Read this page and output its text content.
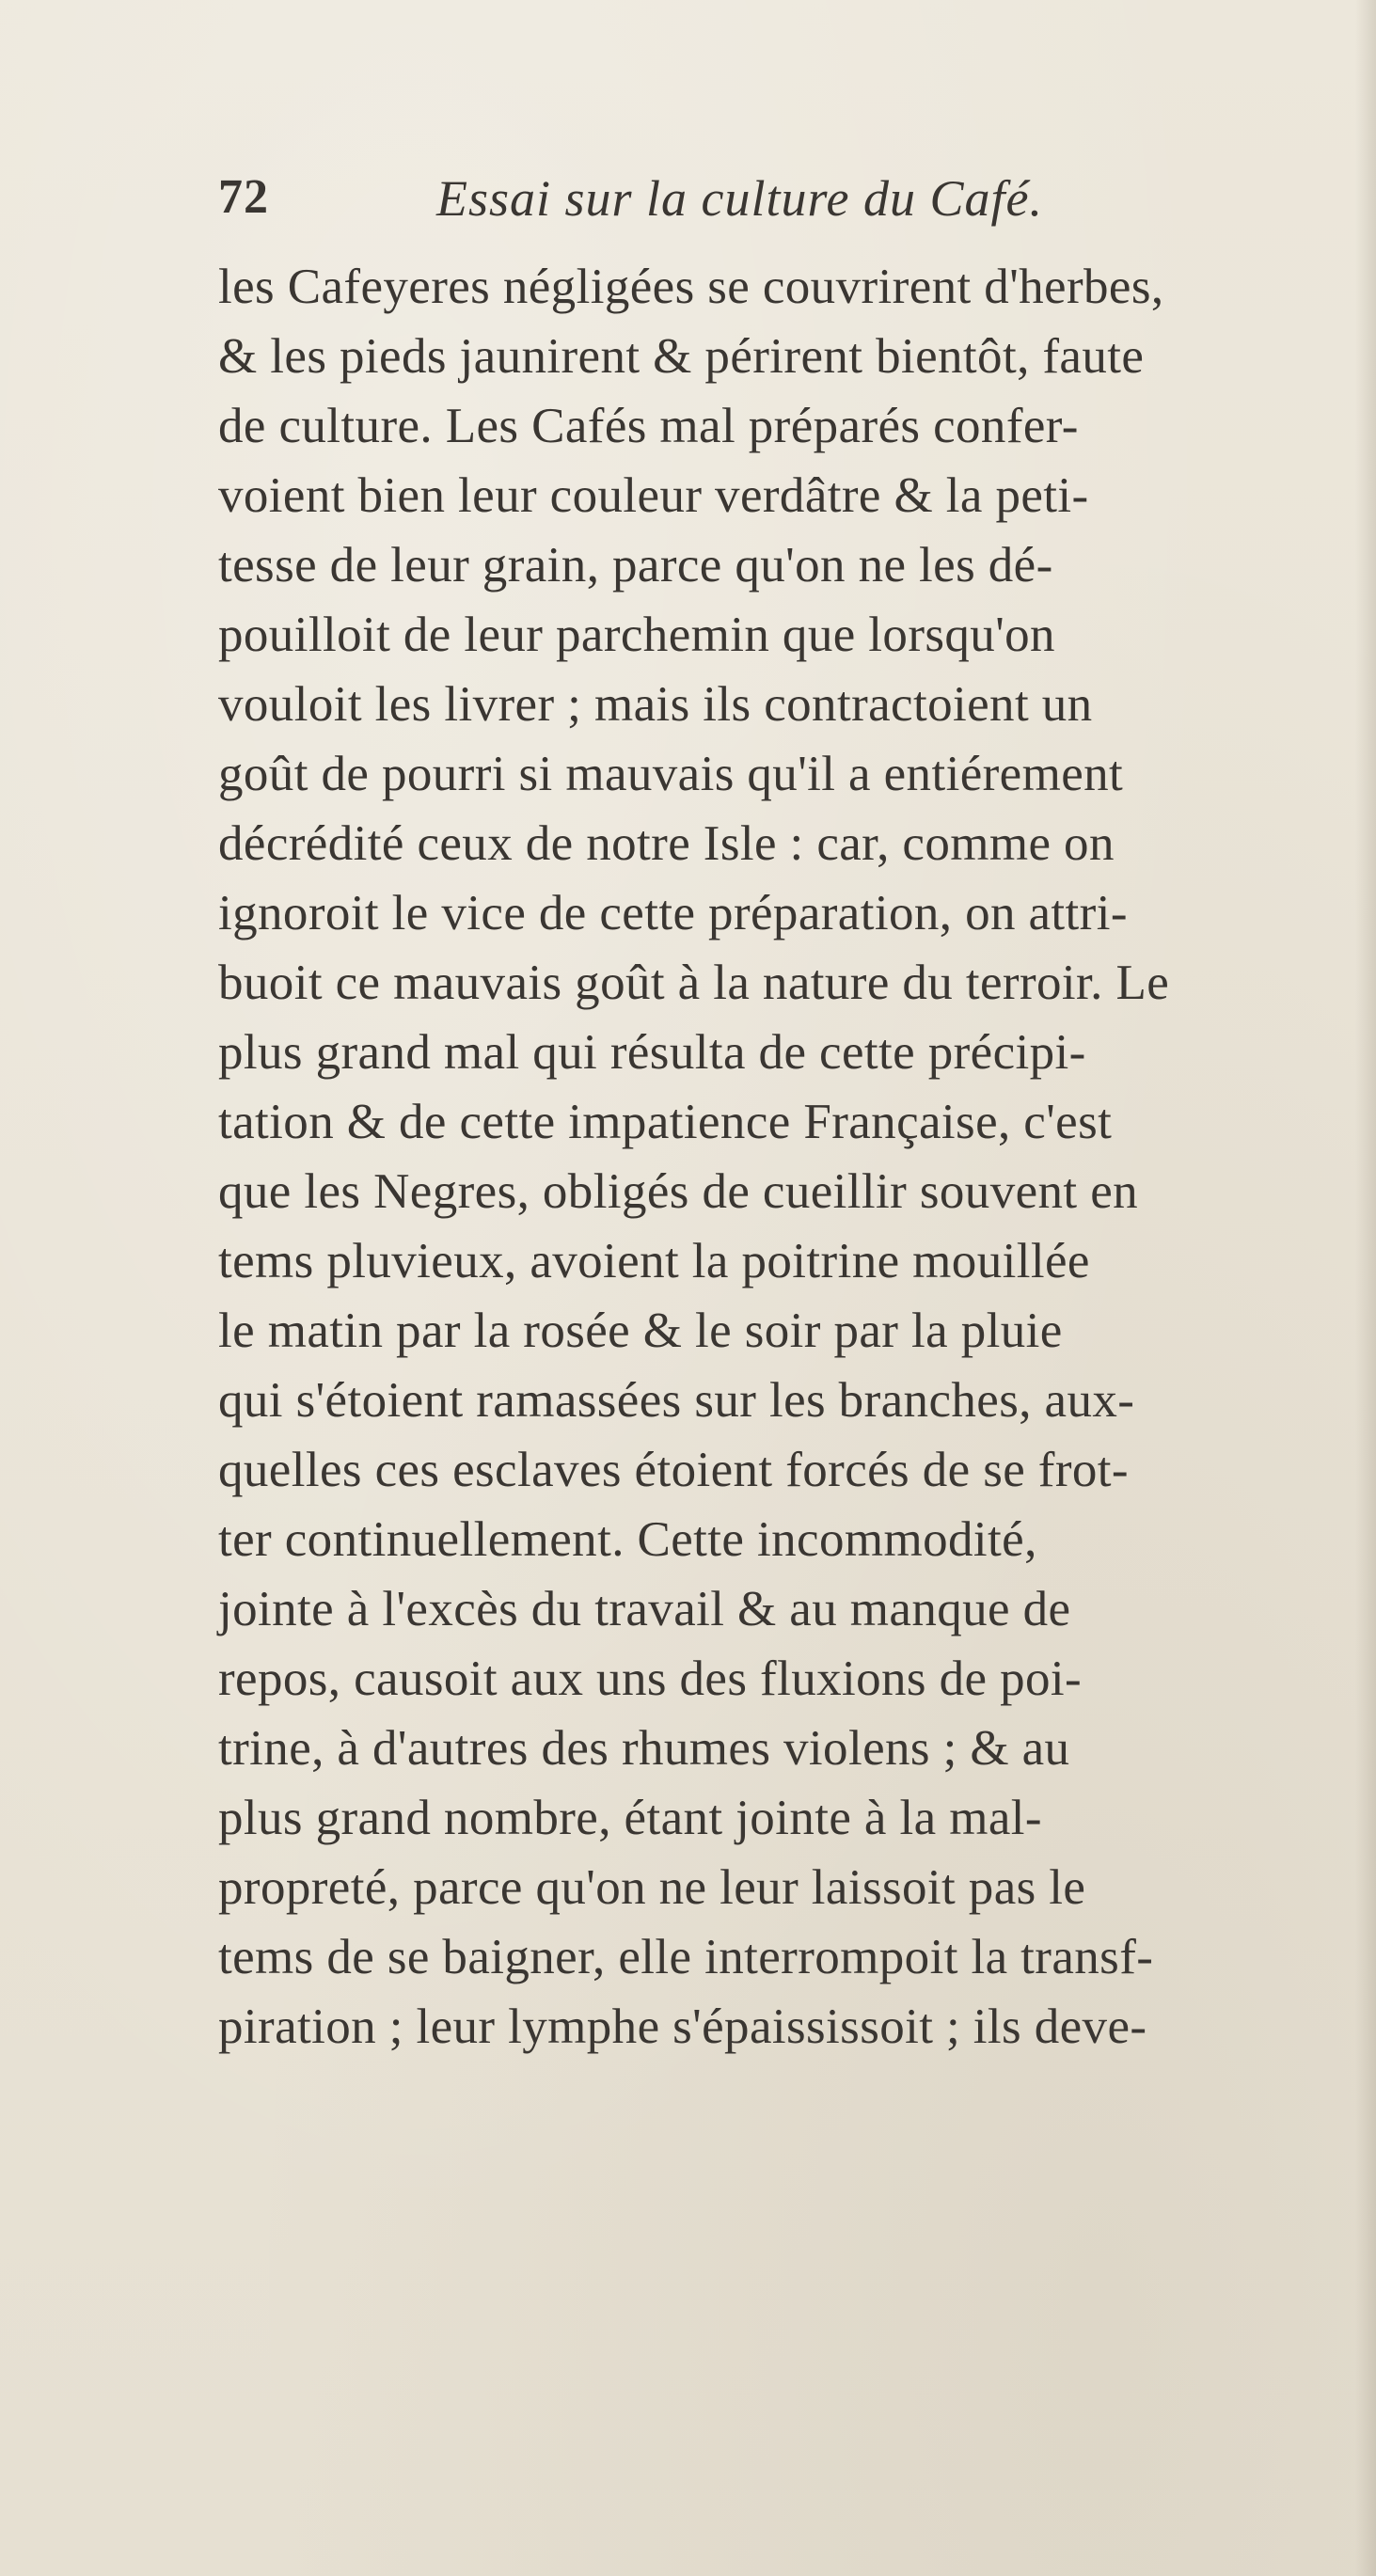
72	Essai sur la culture du Café.
les Cafeyeres négligées se couvrirent d'herbes,
& les pieds jaunirent & périrent bientôt, faute
de culture. Les Cafés mal préparés confer-
voient bien leur couleur verdâtre & la peti-
tesse de leur grain, parce qu'on ne les dé-
pouilloit de leur parchemin que lorsqu'on
vouloit les livrer ; mais ils contractoient un
goût de pourri si mauvais qu'il a entiérement
décrédité ceux de notre Isle : car, comme on
ignoroit le vice de cette préparation, on attri-
buoit ce mauvais goût à la nature du terroir. Le
plus grand mal qui résulta de cette précipi-
tation & de cette impatience Française, c'est
que les Negres, obligés de cueillir souvent en
tems pluvieux, avoient la poitrine mouillée
le matin par la rosée & le soir par la pluie
qui s'étoient ramassées sur les branches, aux-
quelles ces esclaves étoient forcés de se frot-
ter continuellement. Cette incommodité,
jointe à l'excès du travail & au manque de
repos, causoit aux uns des fluxions de poi-
trine, à d'autres des rhumes violens ; & au
plus grand nombre, étant jointe à la mal-
propreté, parce qu'on ne leur laissoit pas le
tems de se baigner, elle interrompoit la transf-
piration ; leur lymphe s'épaississoit ; ils deve-
